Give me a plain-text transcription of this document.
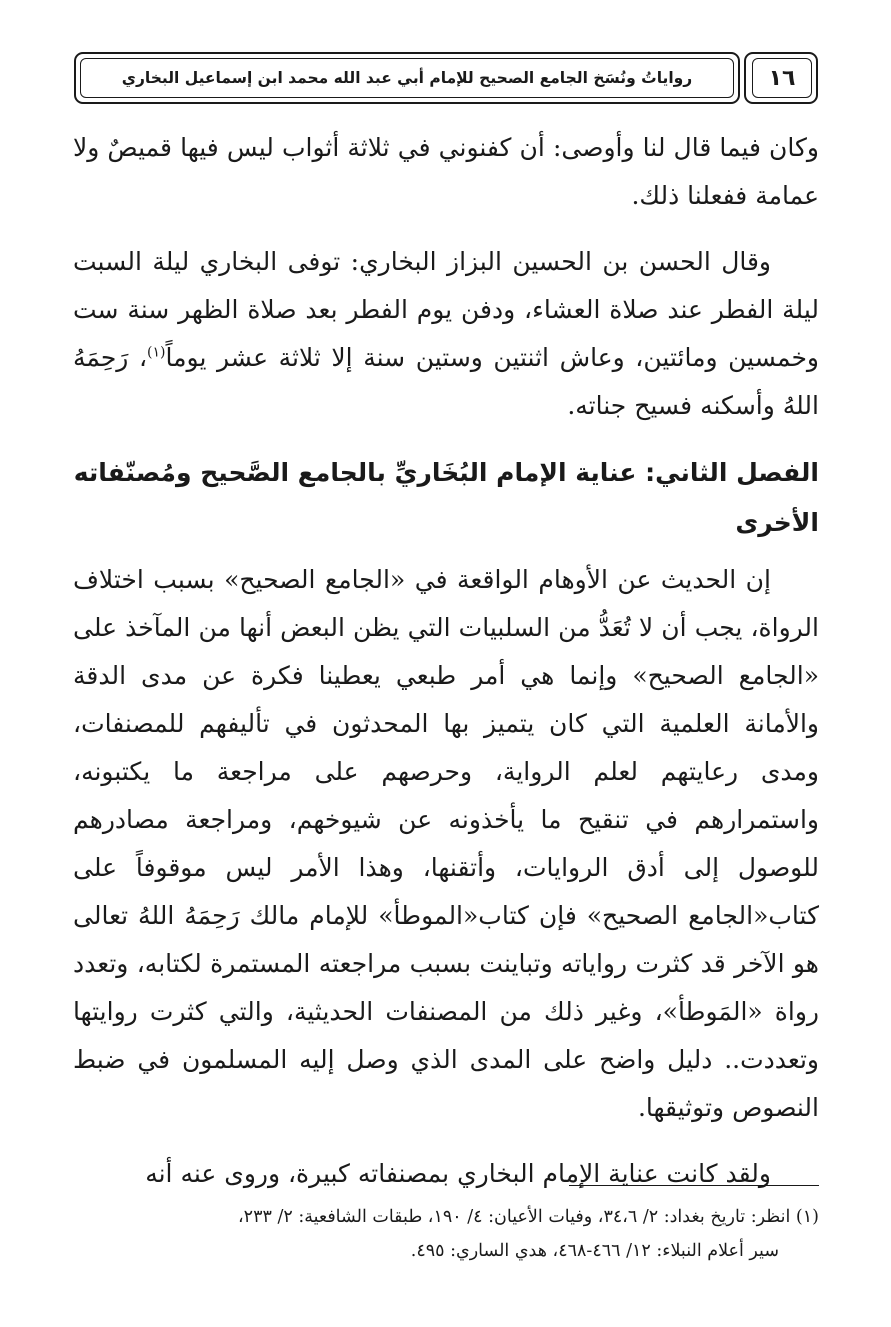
١٦
رواياتُ ونُسَخ الجامع الصحيح للإمام أبي عبد الله محمد ابن إسماعيل البخاري

وكان فيما قال لنا وأوصى: أن كفنوني في ثلاثة أثواب ليس فيها قميصٌ ولا عمامة ففعلنا ذلك.

وقال الحسن بن الحسين البزاز البخاري: توفى البخاري ليلة السبت ليلة الفطر عند صلاة العشاء، ودفن يوم الفطر بعد صلاة الظهر سنة ست وخمسين ومائتين، وعاش اثنتين وستين سنة إلا ثلاثة عشر يوماً$^{(١)}$، رَحِمَهُ اللهُ وأسكنه فسيح جناته.

الفصل الثاني: عناية الإمام البُخَاريِّ بالجامع الصَّحيح ومُصنّفاته الأخرى

إن الحديث عن الأوهام الواقعة في «الجامع الصحيح» بسبب اختلاف الرواة، يجب أن لا تُعَدُّ من السلبيات التي يظن البعض أنها من المآخذ على «الجامع الصحيح» وإنما هي أمر طبعي يعطينا فكرة عن مدى الدقة والأمانة العلمية التي كان يتميز بها المحدثون في تأليفهم للمصنفات، ومدى رعايتهم لعلم الرواية، وحرصهم على مراجعة ما يكتبونه، واستمرارهم في تنقيح ما يأخذونه عن شيوخهم، ومراجعة مصادرهم للوصول إلى أدق الروايات، وأتقنها، وهذا الأمر ليس موقوفاً على كتاب«الجامع الصحيح» فإن كتاب«الموطأ» للإمام مالك رَحِمَهُ اللهُ تعالى هو الآخر قد كثرت رواياته وتباينت بسبب مراجعته المستمرة لكتابه، وتعدد رواة «المَوطأ»، وغير ذلك من المصنفات الحديثية، والتي كثرت روايتها وتعددت.. دليل واضح على المدى الذي وصل إليه المسلمون في ضبط النصوص وتوثيقها.

ولقد كانت عناية الإمام البخاري بمصنفاته كبيرة، وروى عنه أنه

(١) انظر: تاريخ بغداد: ٢/ ٣٤،٦، وفيات الأعيان: ٤/ ١٩٠، طبقات الشافعية: ٢/ ٢٣٣،
سير أعلام النبلاء: ١٢/ ٤٦٦-٤٦٨، هدي الساري: ٤٩٥.
